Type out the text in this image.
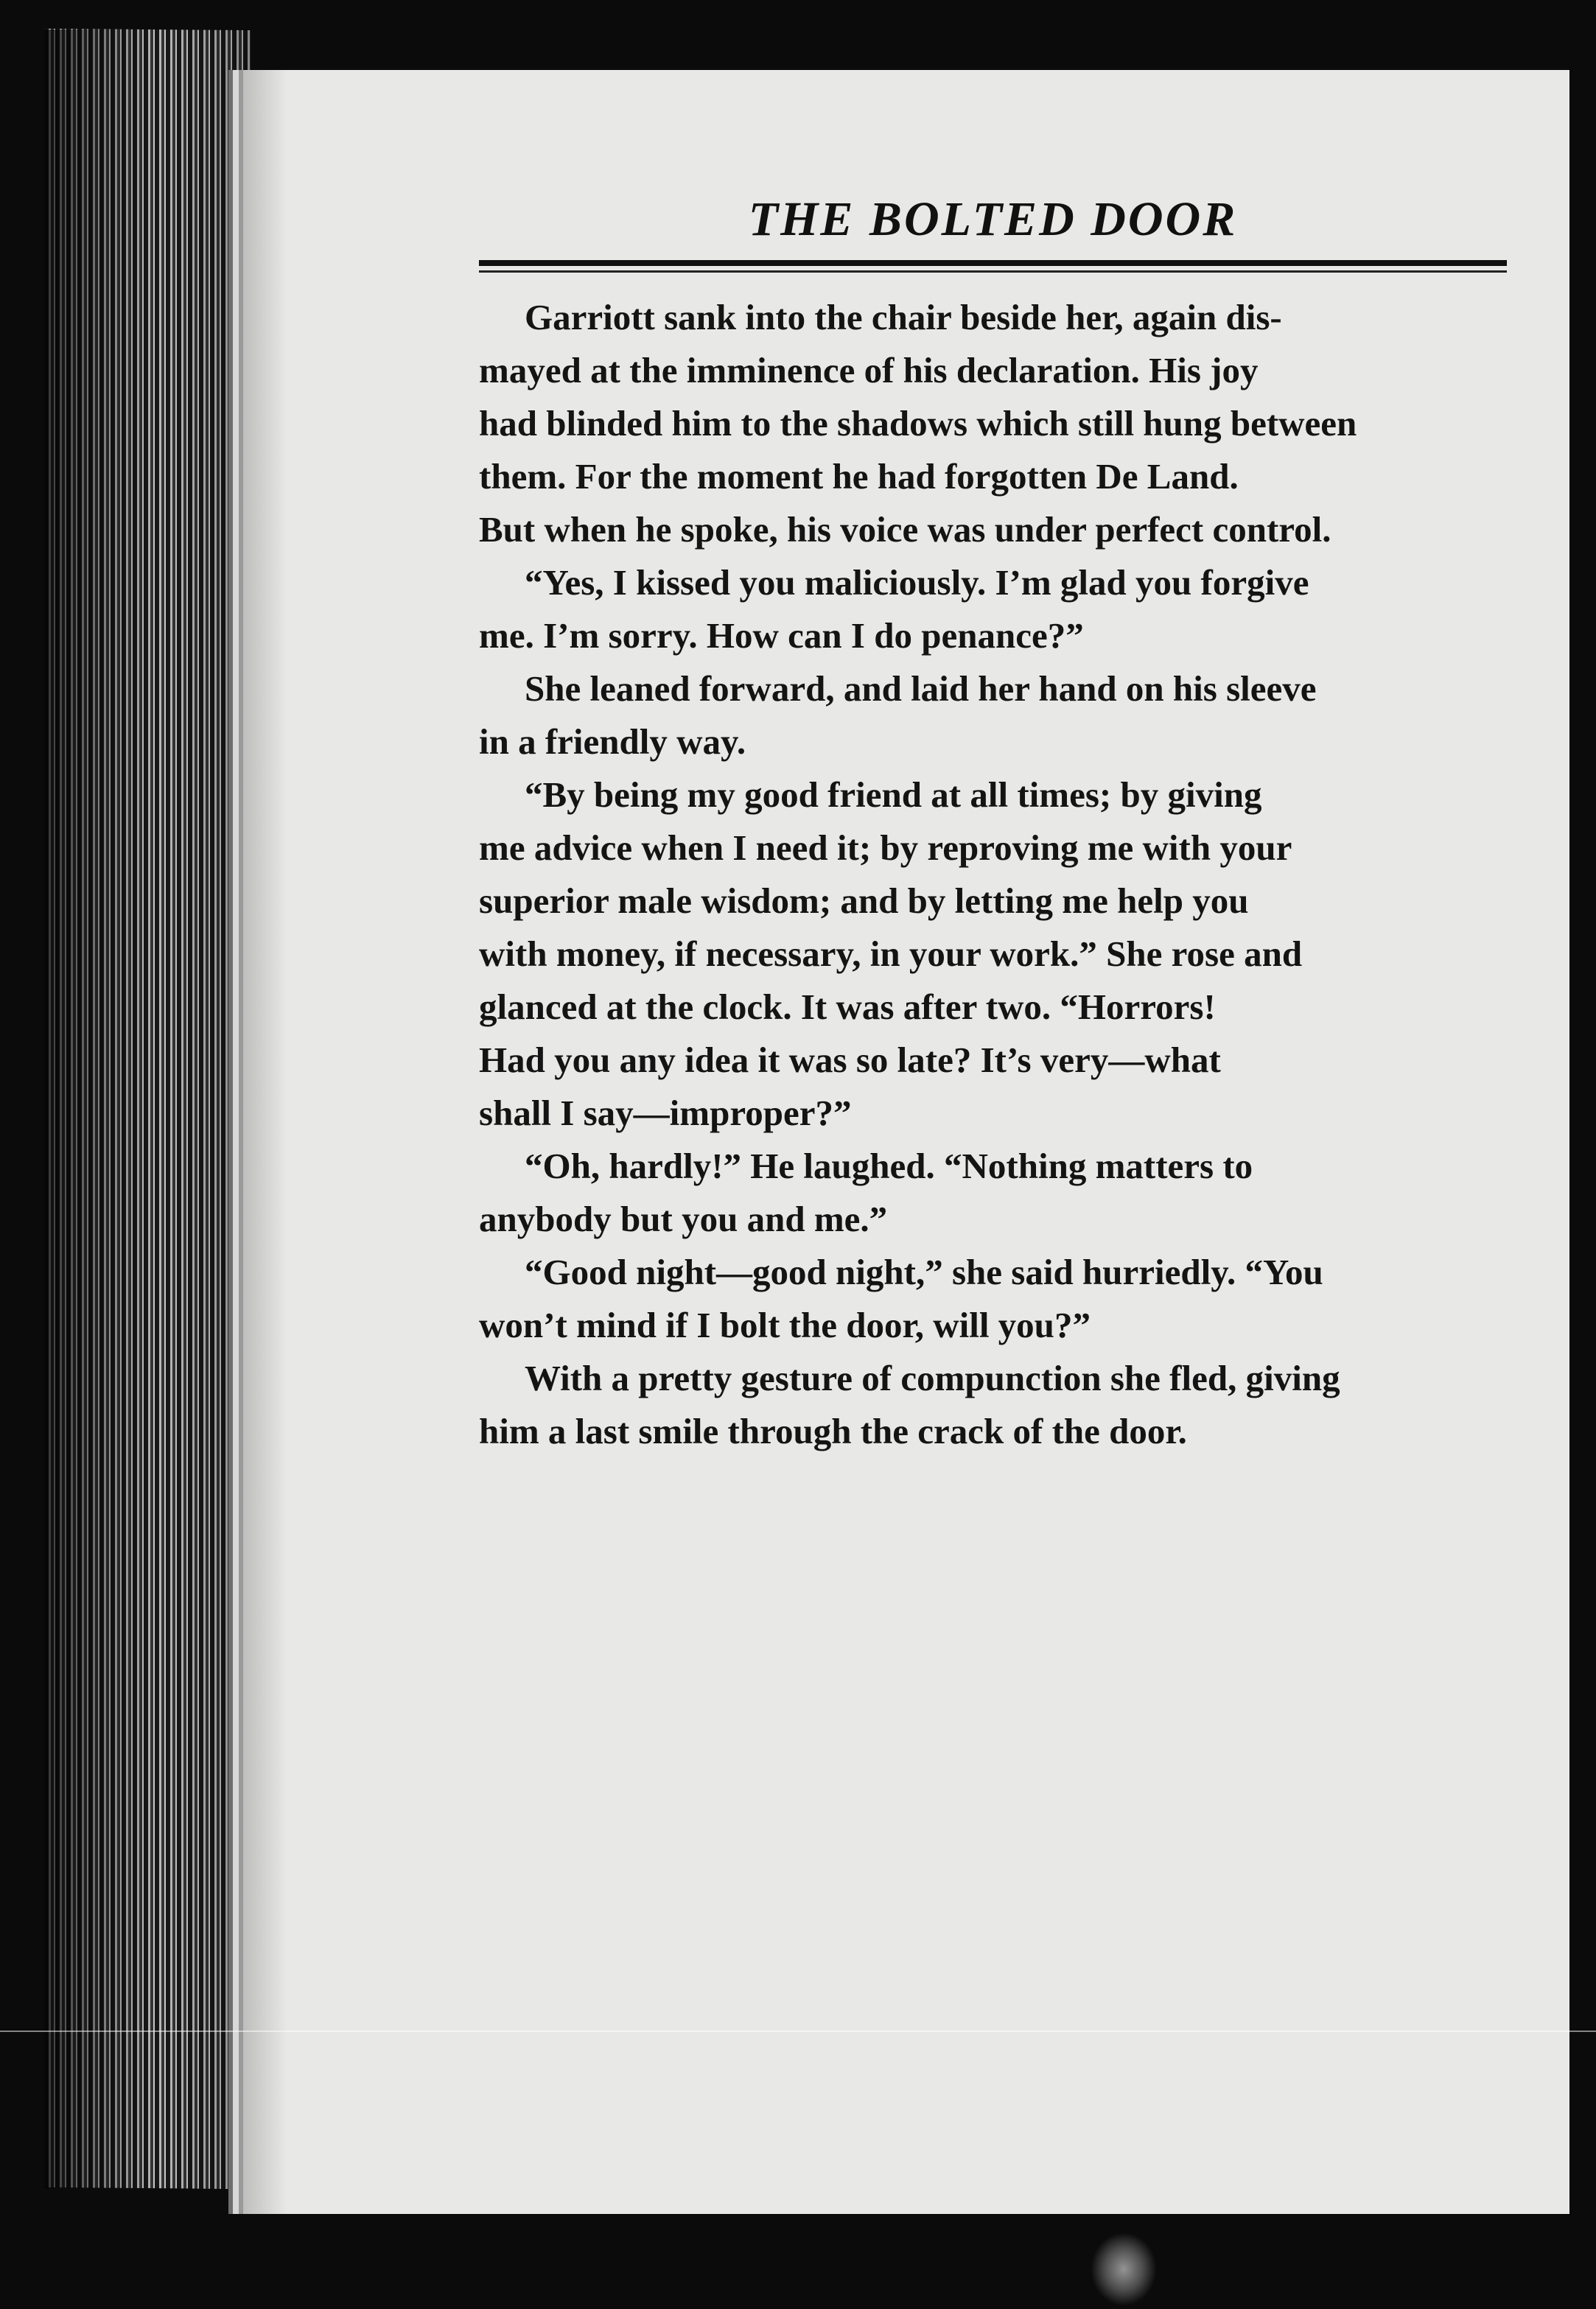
THE BOLTED DOOR

Garriott sank into the chair beside her, again dis-
mayed at the imminence of his declaration. His joy
had blinded him to the shadows which still hung between
them. For the moment he had forgotten De Land.
But when he spoke, his voice was under perfect control.

“Yes, I kissed you maliciously. I’m glad you forgive
me. I’m sorry. How can I do penance?”

She leaned forward, and laid her hand on his sleeve
in a friendly way.

“By being my good friend at all times; by giving
me advice when I need it; by reproving me with your
superior male wisdom; and by letting me help you
with money, if necessary, in your work.” She rose and
glanced at the clock. It was after two. “Horrors!
Had you any idea it was so late? It’s very—what
shall I say—improper?”

“Oh, hardly!” He laughed. “Nothing matters to
anybody but you and me.”

“Good night—good night,” she said hurriedly. “You
won’t mind if I bolt the door, will you?”

With a pretty gesture of compunction she fled, giving
him a last smile through the crack of the door.
